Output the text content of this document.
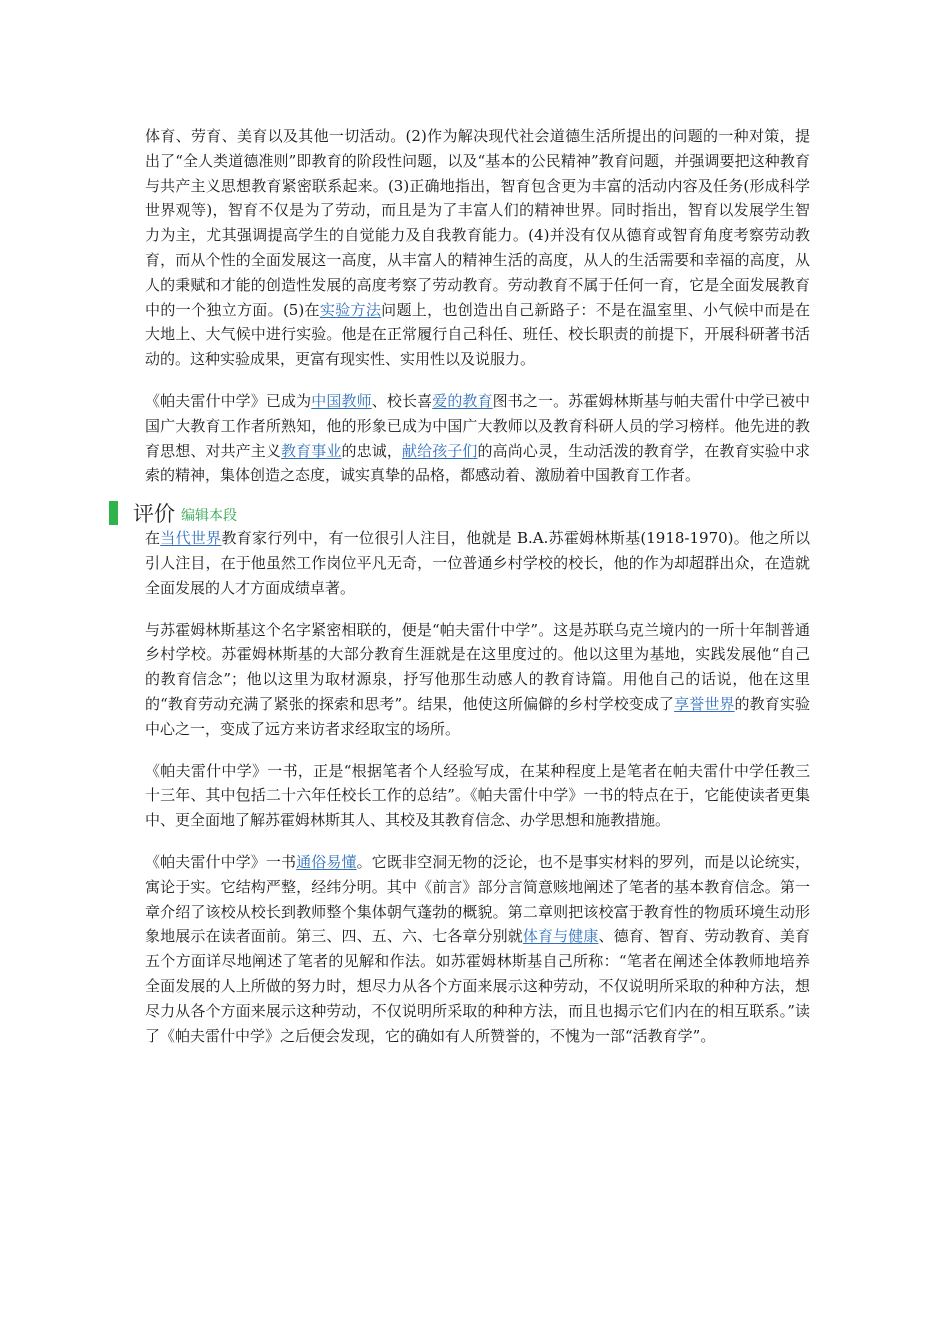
体育、劳育、美育以及其他一切活动。(2)作为解决现代社会道德生活所提出的问题的一种对策，提出了“全人类道德准则”即教育的阶段性问题，以及“基本的公民精神”教育问题，并强调要把这种教育与共产主义思想教育紧密联系起来。(3)正确地指出，智育包含更为丰富的活动内容及任务(形成科学世界观等)，智育不仅是为了劳动，而且是为了丰富人们的精神世界。同时指出，智育以发展学生智力为主，尤其强调提高学生的自觉能力及自我教育能力。(4)并没有仅从德育或智育角度考察劳动教育，而从个性的全面发展这一高度，从丰富人的精神生活的高度，从人的生活需要和幸福的高度，从人的秉赋和才能的创造性发展的高度考察了劳动教育。劳动教育不属于任何一育，它是全面发展教育中的一个独立方面。(5)在实验方法问题上，也创造出自己新路子：不是在温室里、小气候中而是在大地上、大气候中进行实验。他是在正常履行自己科任、班任、校长职责的前提下，开展科研著书活动的。这种实验成果，更富有现实性、实用性以及说服力。

《帕夫雷什中学》已成为中国教师、校长喜爱的教育图书之一。苏霍姆林斯基与帕夫雷什中学已被中国广大教育工作者所熟知，他的形象已成为中国广大教师以及教育科研人员的学习榜样。他先进的教育思想、对共产主义教育事业的忠诚，献给孩子们的高尚心灵，生动活泼的教育学，在教育实验中求索的精神，集体创造之态度，诚实真挚的品格，都感动着、激励着中国教育工作者。

评价 编辑本段

在当代世界教育家行列中，有一位很引人注目，他就是 B.A.苏霍姆林斯基(1918-1970)。他之所以引人注目，在于他虽然工作岗位平凡无奇，一位普通乡村学校的校长，他的作为却超群出众，在造就全面发展的人才方面成绩卓著。

与苏霍姆林斯基这个名字紧密相联的，便是“帕夫雷什中学”。这是苏联乌克兰境内的一所十年制普通乡村学校。苏霍姆林斯基的大部分教育生涯就是在这里度过的。他以这里为基地，实践发展他“自己的教育信念”；他以这里为取材源泉，抒写他那生动感人的教育诗篇。用他自己的话说，他在这里的“教育劳动充满了紧张的探索和思考”。结果，他使这所偏僻的乡村学校变成了享誉世界的教育实验中心之一，变成了远方来访者求经取宝的场所。

《帕夫雷什中学》一书，正是“根据笔者个人经验写成，在某种程度上是笔者在帕夫雷什中学任教三十三年、其中包括二十六年任校长工作的总结”。《帕夫雷什中学》一书的特点在于，它能使读者更集中、更全面地了解苏霍姆林斯其人、其校及其教育信念、办学思想和施教措施。

《帕夫雷什中学》一书通俗易懂。它既非空洞无物的泛论，也不是事实材料的罗列，而是以论统实，寓论于实。它结构严整，经纬分明。其中《前言》部分言简意赅地阐述了笔者的基本教育信念。第一章介绍了该校从校长到教师整个集体朝气蓬勃的概貌。第二章则把该校富于教育性的物质环境生动形象地展示在读者面前。第三、四、五、六、七各章分别就体育与健康、德育、智育、劳动教育、美育五个方面详尽地阐述了笔者的见解和作法。如苏霍姆林斯基自己所称：“笔者在阐述全体教师地培养全面发展的人上所做的努力时，想尽力从各个方面来展示这种劳动，不仅说明所采取的种种方法，想尽力从各个方面来展示这种劳动，不仅说明所采取的种种方法，而且也揭示它们内在的相互联系。”读了《帕夫雷什中学》之后便会发现，它的确如有人所赞誉的，不愧为一部“活教育学”。
